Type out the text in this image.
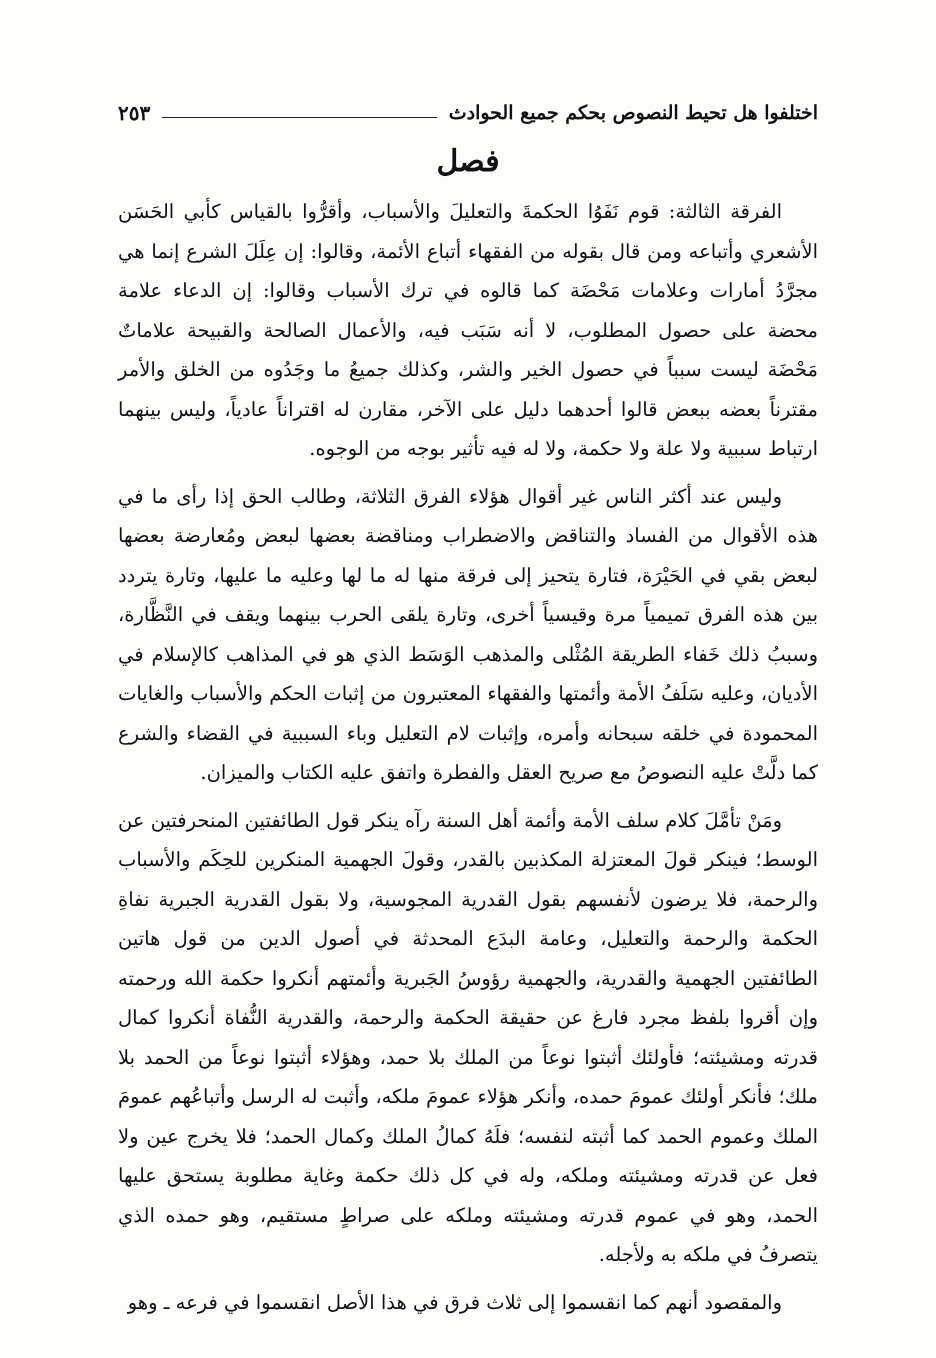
اختلفوا هل تحيط النصوص بحكم جميع الحوادث
٢٥٣
فصل

الفرقة الثالثة: قوم نَفَوُا الحكمةَ والتعليلَ والأسباب، وأقرُّوا بالقياس كأبي الحَسَن الأشعري وأتباعه ومن قال بقوله من الفقهاء أتباع الأئمة، وقالوا: إن عِلَلَ الشرع إنما هي مجرَّدُ أمارات وعلامات مَحْضَة كما قالوه في ترك الأسباب وقالوا: إن الدعاء علامة محضة على حصول المطلوب، لا أنه سَبَب فيه، والأعمال الصالحة والقبيحة علاماتٌ مَحْضَة ليست سبباً في حصول الخير والشر، وكذلك جميعُ ما وجَدُوه من الخلق والأمر مقترناً بعضه ببعض قالوا أحدهما دليل على الآخر، مقارن له اقتراناً عادياً، وليس بينهما ارتباط سببية ولا علة ولا حكمة، ولا له فيه تأثير بوجه من الوجوه.

وليس عند أكثر الناس غير أقوال هؤلاء الفرق الثلاثة، وطالب الحق إذا رأى ما في هذه الأقوال من الفساد والتناقض والاضطراب ومناقضة بعضها لبعض ومُعارضة بعضها لبعض بقي في الحَيْرَة، فتارة يتحيز إلى فرقة منها له ما لها وعليه ما عليها، وتارة يتردد بين هذه الفرق تميمياً مرة وقيسياً أخرى، وتارة يلقى الحرب بينهما ويقف في النَّظَّارة، وسببُ ذلك خَفاء الطريقة المُثْلى والمذهب الوَسَط الذي هو في المذاهب كالإسلام في الأديان، وعليه سَلَفُ الأمة وأئمتها والفقهاء المعتبرون من إثبات الحكم والأسباب والغايات المحمودة في خلقه سبحانه وأمره، وإثبات لام التعليل وباء السببية في القضاء والشرع كما دلَّتْ عليه النصوصُ مع صريح العقل والفطرة واتفق عليه الكتاب والميزان.

ومَنْ تأمَّلَ كلام سلف الأمة وأئمة أهل السنة رآه ينكر قول الطائفتين المنحرفتين عن الوسط؛ فينكر قولَ المعتزلة المكذبين بالقدر، وقولَ الجهمية المنكرين للحِكَم والأسباب والرحمة، فلا يرضون لأنفسهم بقول القدرية المجوسية، ولا بقول القدرية الجبرية نفاةِ الحكمة والرحمة والتعليل، وعامة البدَع المحدثة في أصول الدين من قول هاتين الطائفتين الجهمية والقدرية، والجهمية رؤوسُ الجَبرية وأئمتهم أنكروا حكمة الله ورحمته وإن أقروا بلفظ مجرد فارغ عن حقيقة الحكمة والرحمة، والقدرية النُّفاة أنكروا كمال قدرته ومشيئته؛ فأولئك أثبتوا نوعاً من الملك بلا حمد، وهؤلاء أثبتوا نوعاً من الحمد بلا ملك؛ فأنكر أولئك عمومَ حمده، وأنكر هؤلاء عمومَ ملكه، وأثبت له الرسل وأتباعُهم عمومَ الملك وعموم الحمد كما أثبته لنفسه؛ فلَهُ كمالُ الملك وكمال الحمد؛ فلا يخرج عين ولا فعل عن قدرته ومشيئته وملكه، وله في كل ذلك حكمة وغاية مطلوبة يستحق عليها الحمد، وهو في عموم قدرته ومشيئته وملكه على صراطٍ مستقيم، وهو حمده الذي يتصرفُ في ملكه به ولأجله.

والمقصود أنهم كما انقسموا إلى ثلاث فرق في هذا الأصل انقسموا في فرعه ـ وهو
